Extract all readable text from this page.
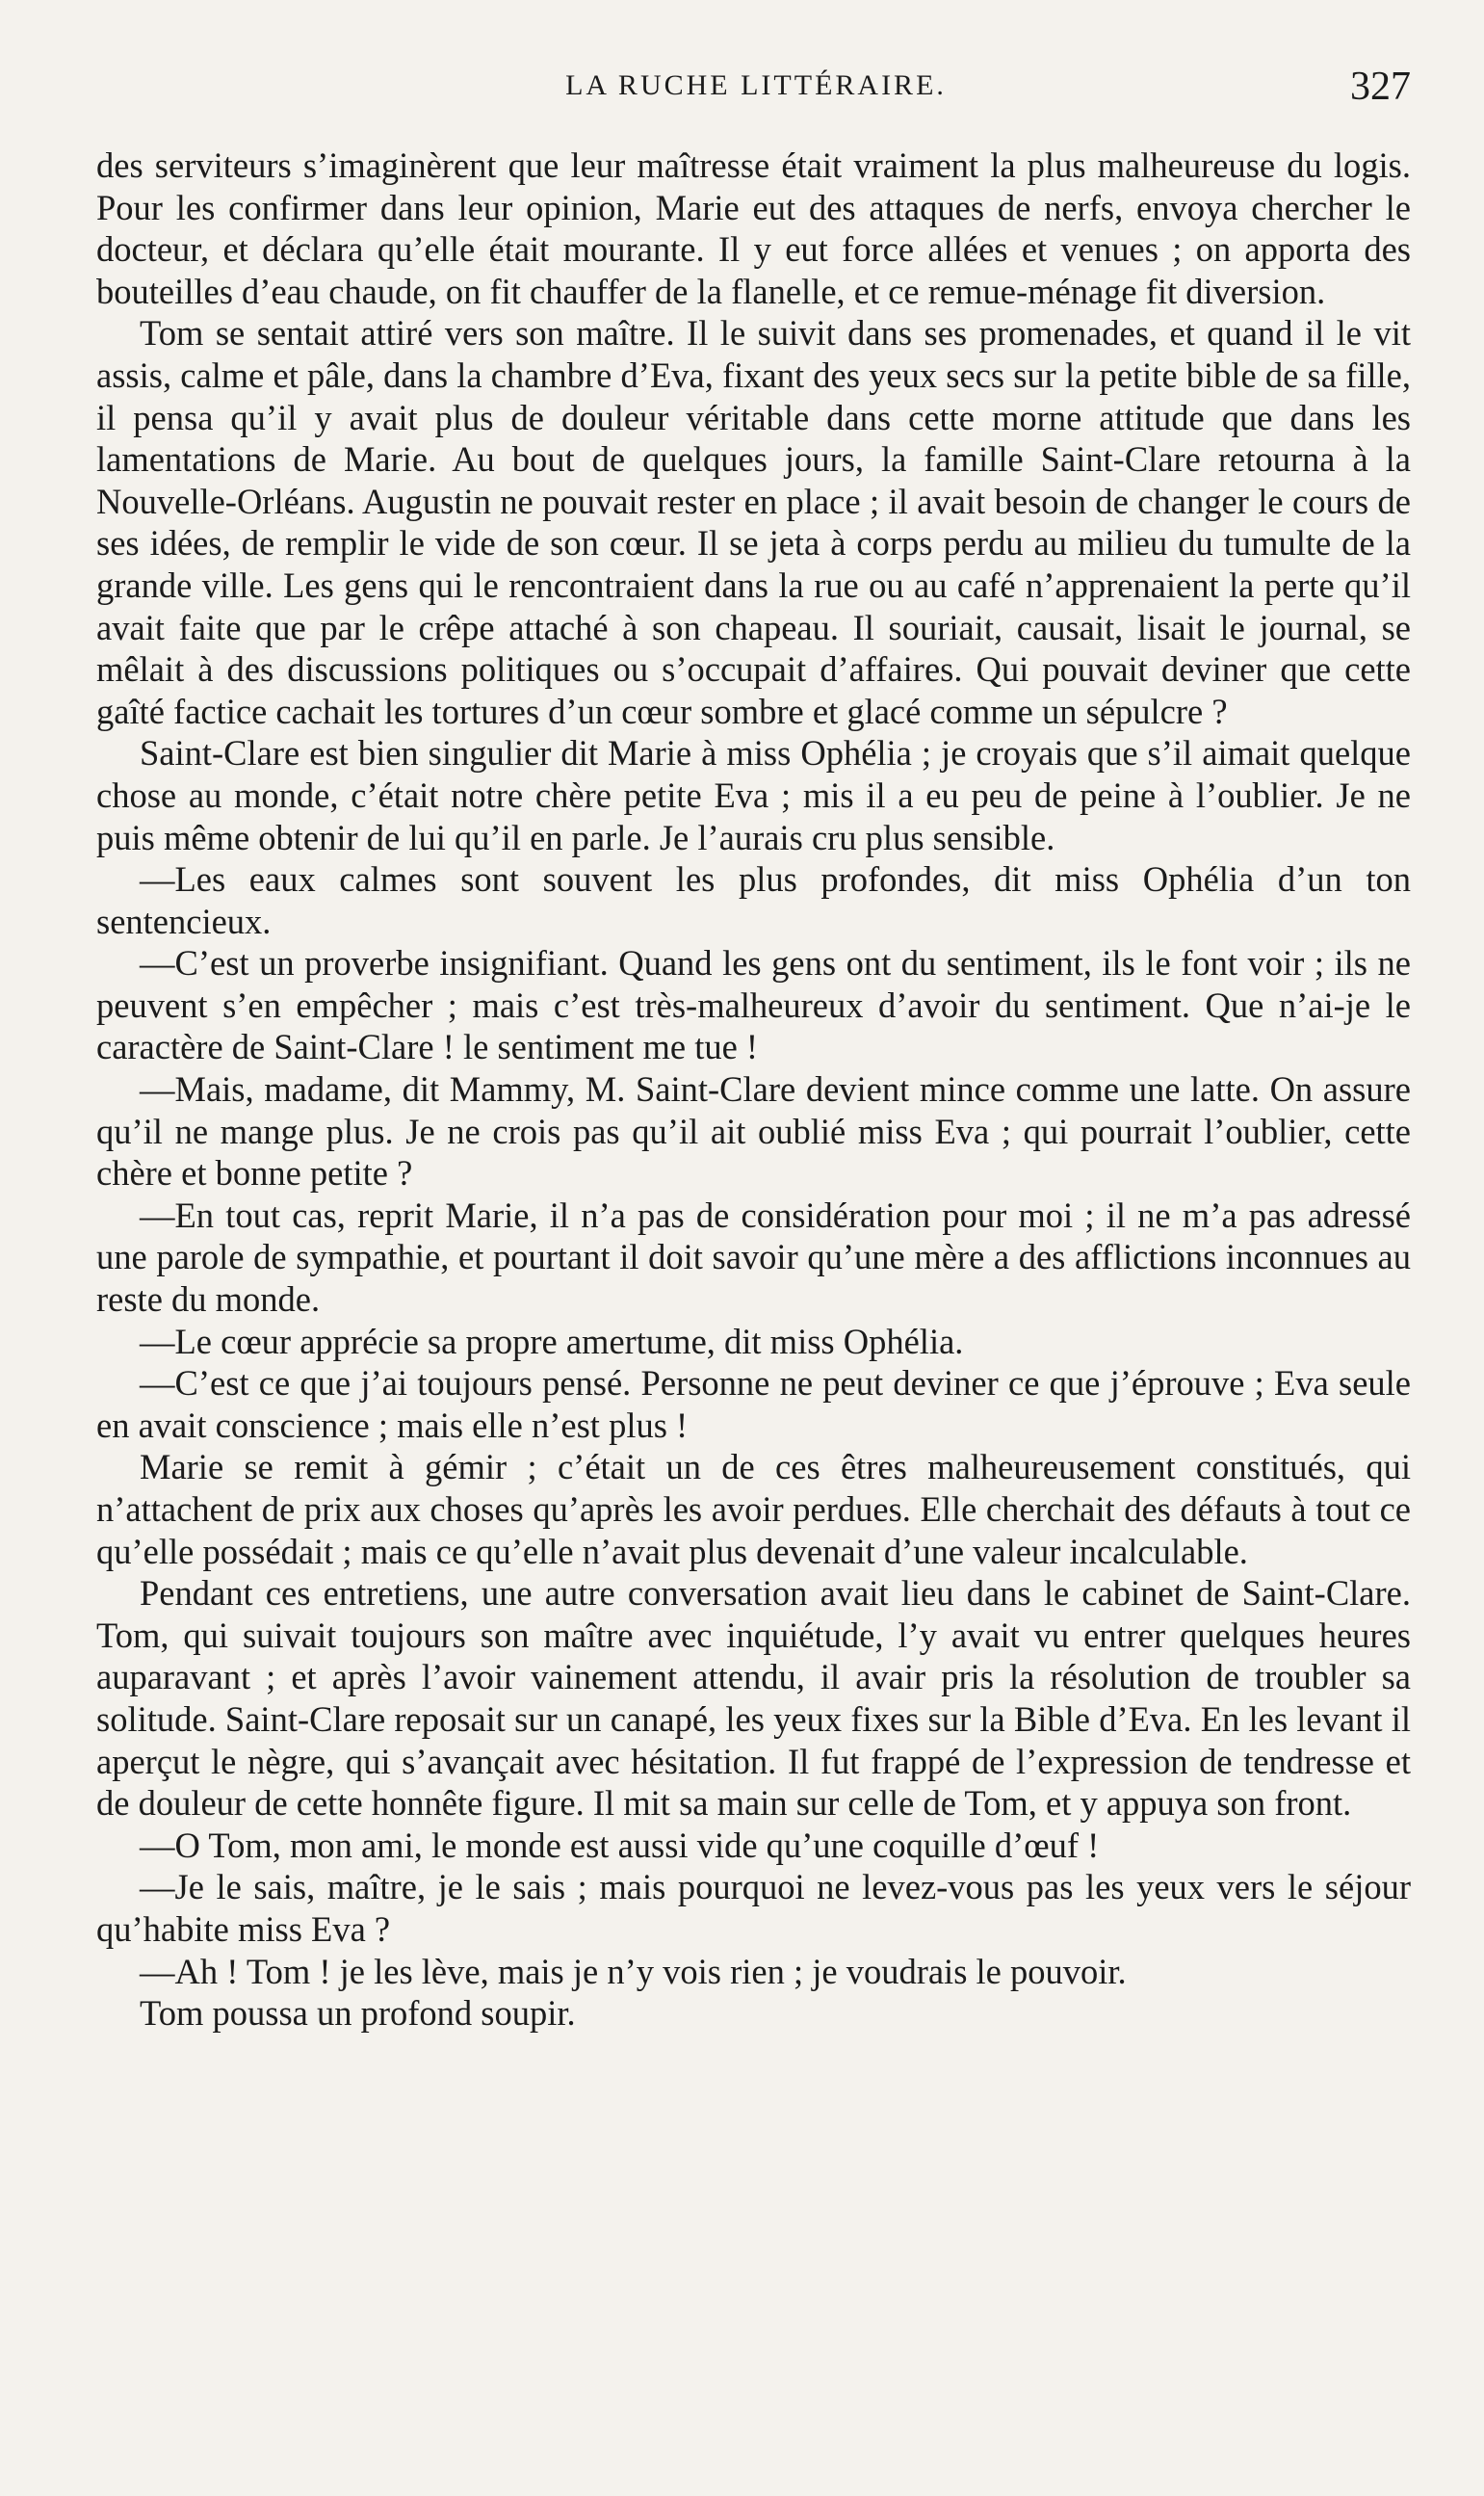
LA RUCHE LITTÉRAIRE.	327

des serviteurs s’imaginèrent que leur maîtresse était vraiment la plus malheureuse du logis. Pour les confirmer dans leur opinion, Marie eut des attaques de nerfs, envoya chercher le docteur, et déclara qu’elle était mourante. Il y eut force allées et venues ; on apporta des bouteilles d’eau chaude, on fit chauffer de la flanelle, et ce remue-ménage fit diversion.

Tom se sentait attiré vers son maître. Il le suivit dans ses promenades, et quand il le vit assis, calme et pâle, dans la chambre d’Eva, fixant des yeux secs sur la petite bible de sa fille, il pensa qu’il y avait plus de douleur véritable dans cette morne attitude que dans les lamentations de Marie. Au bout de quelques jours, la famille Saint-Clare retourna à la Nouvelle-Orléans. Augustin ne pouvait rester en place ; il avait besoin de changer le cours de ses idées, de remplir le vide de son cœur. Il se jeta à corps perdu au milieu du tumulte de la grande ville. Les gens qui le rencontraient dans la rue ou au café n’apprenaient la perte qu’il avait faite que par le crêpe attaché à son chapeau. Il souriait, causait, lisait le journal, se mêlait à des discussions politiques ou s’occupait d’affaires. Qui pouvait deviner que cette gaîté factice cachait les tortures d’un cœur sombre et glacé comme un sépulcre ?

Saint-Clare est bien singulier dit Marie à miss Ophélia ; je croyais que s’il aimait quelque chose au monde, c’était notre chère petite Eva ; mis il a eu peu de peine à l’oublier. Je ne puis même obtenir de lui qu’il en parle. Je l’aurais cru plus sensible.

—Les eaux calmes sont souvent les plus profondes, dit miss Ophélia d’un ton sentencieux.

—C’est un proverbe insignifiant. Quand les gens ont du sentiment, ils le font voir ; ils ne peuvent s’en empêcher ; mais c’est très-malheureux d’avoir du sentiment. Que n’ai-je le caractère de Saint-Clare ! le sentiment me tue !

—Mais, madame, dit Mammy, M. Saint-Clare devient mince comme une latte. On assure qu’il ne mange plus. Je ne crois pas qu’il ait oublié miss Eva ; qui pourrait l’oublier, cette chère et bonne petite ?

—En tout cas, reprit Marie, il n’a pas de considération pour moi ; il ne m’a pas adressé une parole de sympathie, et pourtant il doit savoir qu’une mère a des afflictions inconnues au reste du monde.

—Le cœur apprécie sa propre amertume, dit miss Ophélia.

—C’est ce que j’ai toujours pensé. Personne ne peut deviner ce que j’éprouve ; Eva seule en avait conscience ; mais elle n’est plus !

Marie se remit à gémir ; c’était un de ces êtres malheureusement constitués, qui n’attachent de prix aux choses qu’après les avoir perdues. Elle cherchait des défauts à tout ce qu’elle possédait ; mais ce qu’elle n’avait plus devenait d’une valeur incalculable.

Pendant ces entretiens, une autre conversation avait lieu dans le cabinet de Saint-Clare. Tom, qui suivait toujours son maître avec inquiétude, l’y avait vu entrer quelques heures auparavant ; et après l’avoir vainement attendu, il avair pris la résolution de troubler sa solitude. Saint-Clare reposait sur un canapé, les yeux fixes sur la Bible d’Eva. En les levant il aperçut le nègre, qui s’avançait avec hésitation. Il fut frappé de l’expression de tendresse et de douleur de cette honnête figure. Il mit sa main sur celle de Tom, et y appuya son front.

—O Tom, mon ami, le monde est aussi vide qu’une coquille d’œuf !

—Je le sais, maître, je le sais ; mais pourquoi ne levez-vous pas les yeux vers le séjour qu’habite miss Eva ?

—Ah ! Tom ! je les lève, mais je n’y vois rien ; je voudrais le pouvoir.

Tom poussa un profond soupir.
